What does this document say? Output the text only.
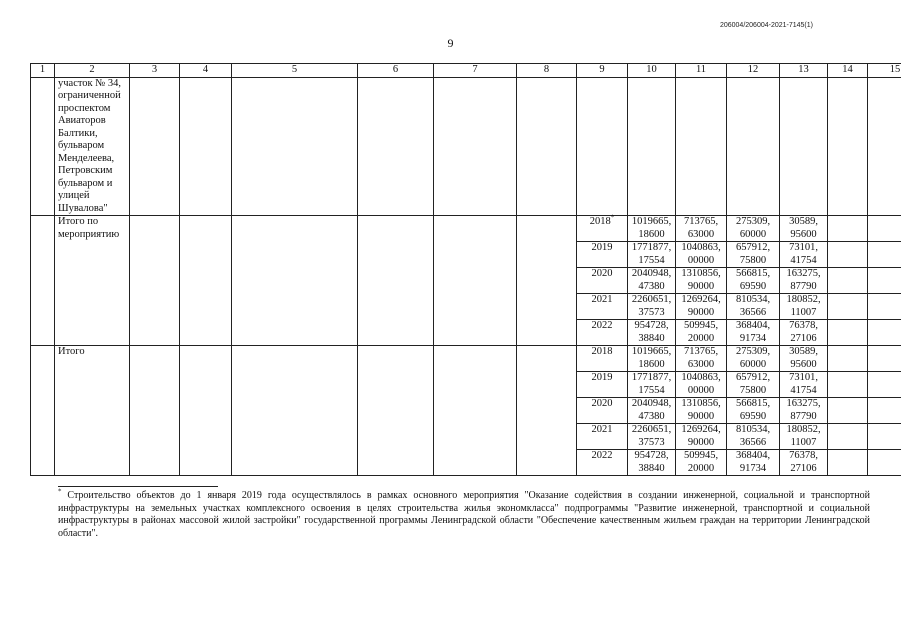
206004/206004-2021-7145(1)
9
1	2	3	4	5	6	7	8	9	10	11	12	13	14	15
	участок № 34, ограниченной проспектом Авиаторов Балтики, бульваром Менделеева, Петровским бульваром и улицей Шувалова"													
	Итого по мероприятию							2018*	1019665, 18600	713765, 63000	275309, 60000	30589, 95600		
								2019	1771877, 17554	1040863, 00000	657912, 75800	73101, 41754		
								2020	2040948, 47380	1310856, 90000	566815, 69590	163275, 87790		
								2021	2260651, 37573	1269264, 90000	810534, 36566	180852, 11007		
								2022	954728, 38840	509945, 20000	368404, 91734	76378, 27106		
	Итого							2018	1019665, 18600	713765, 63000	275309, 60000	30589, 95600		
								2019	1771877, 17554	1040863, 00000	657912, 75800	73101, 41754		
								2020	2040948, 47380	1310856, 90000	566815, 69590	163275, 87790		
								2021	2260651, 37573	1269264, 90000	810534, 36566	180852, 11007		
								2022	954728, 38840	509945, 20000	368404, 91734	76378, 27106		
* Строительство объектов до 1 января 2019 года осуществлялось в рамках основного мероприятия "Оказание содействия в создании инженерной, социальной и транспортной инфраструктуры на земельных участках комплексного освоения в целях строительства жилья экономкласса" подпрограммы "Развитие инженерной, транспортной и социальной инфраструктуры в районах массовой жилой застройки" государственной программы Ленинградской области "Обеспечение качественным жильем граждан на территории Ленинградской области".
